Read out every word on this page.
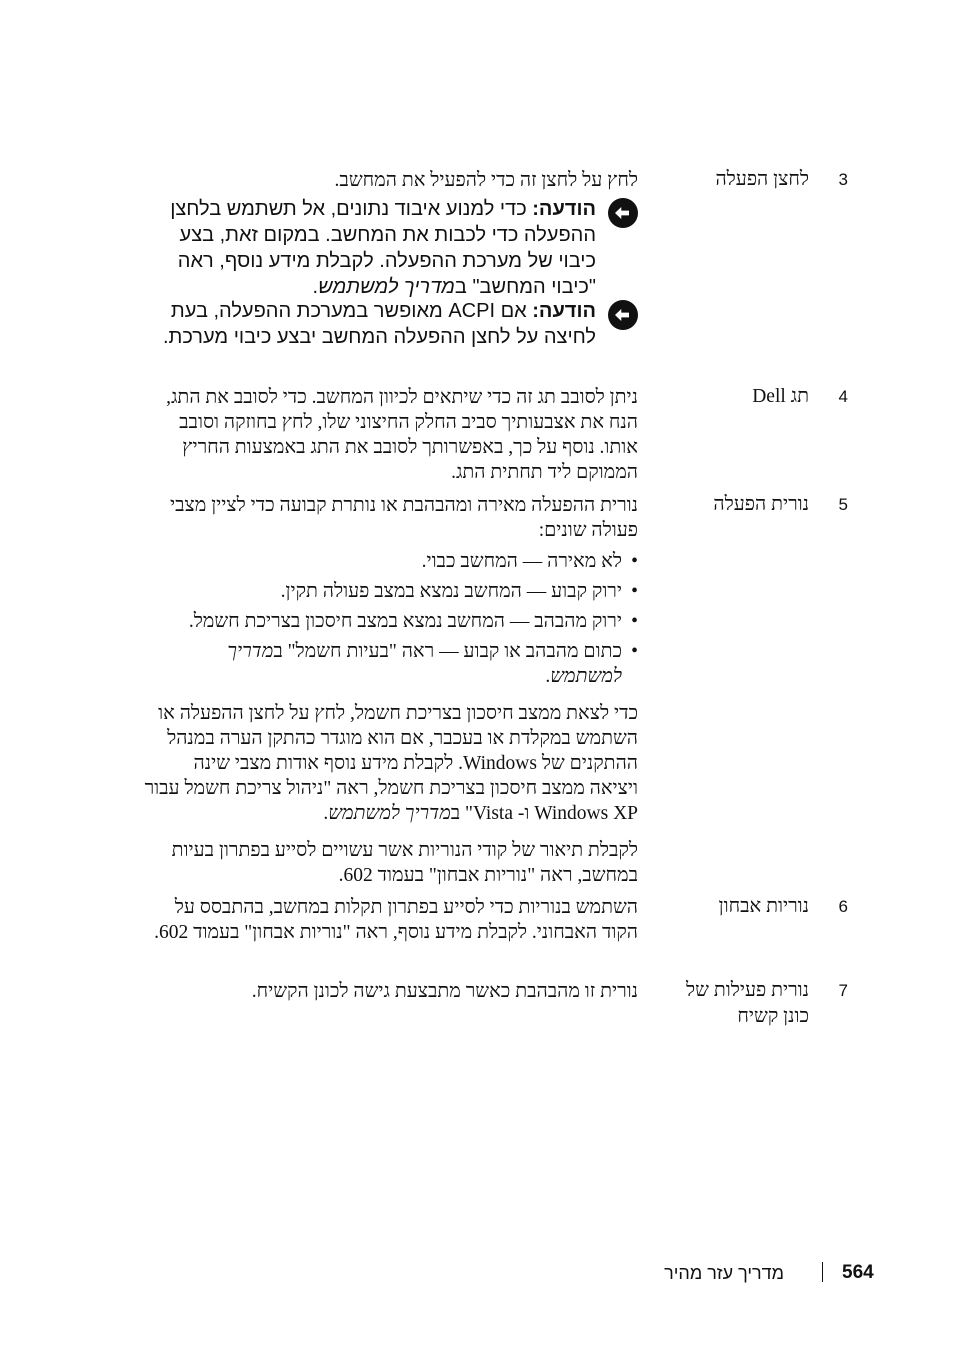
3
לחצן הפעלה
לחץ על לחצן זה כדי להפעיל את המחשב.
הודעה: כדי למנוע איבוד נתונים, אל תשתמש בלחצן ההפעלה כדי לכבות את המחשב. במקום זאת, בצע כיבוי של מערכת ההפעלה. לקבלת מידע נוסף, ראה "כיבוי המחשב" במדריך למשתמש.
הודעה: אם ACPI מאופשר במערכת ההפעלה, בעת לחיצה על לחצן ההפעלה המחשב יבצע כיבוי מערכת.
4
תג Dell
ניתן לסובב תג זה כדי שיתאים לכיוון המחשב. כדי לסובב את התג, הנח את אצבעותיך סביב החלק החיצוני שלו, לחץ בחוזקה וסובב אותו. נוסף על כך, באפשרותך לסובב את התג באמצעות החריץ הממוקם ליד תחתית התג.
5
נורית הפעלה

נורית ההפעלה מאירה ומהבהבת או נותרת קבועה כדי לציין מצבי פעולה שונים:

• לא מאירה — המחשב כבוי.
• ירוק קבוע — המחשב נמצא במצב פעולה תקין.
• ירוק מהבהב — המחשב נמצא במצב חיסכון בצריכת חשמל.
• כתום מהבהב או קבוע — ראה "בעיות חשמל" במדריך למשתמש.

כדי לצאת ממצב חיסכון בצריכת חשמל, לחץ על לחצן ההפעלה או השתמש במקלדת או בעכבר, אם הוא מוגדר כהתקן הערה במנהל ההתקנים של Windows. לקבלת מידע נוסף אודות מצבי שינה ויציאה ממצב חיסכון בצריכת חשמל, ראה "ניהול צריכת חשמל עבור Windows XP ו- Vista" במדריך למשתמש.

לקבלת תיאור של קודי הנוריות אשר עשויים לסייע בפתרון בעיות במחשב, ראה "נוריות אבחון" בעמוד 602.

6
נוריות אבחון
השתמש בנוריות כדי לסייע בפתרון תקלות במחשב, בהתבסס על הקוד האבחוני. לקבלת מידע נוסף, ראה "נוריות אבחון" בעמוד 602.
7
נורית פעילות של כונן קשיח
נורית זו מהבהבת כאשר מתבצעת גישה לכונן הקשיח.
564
מדריך עזר מהיר
